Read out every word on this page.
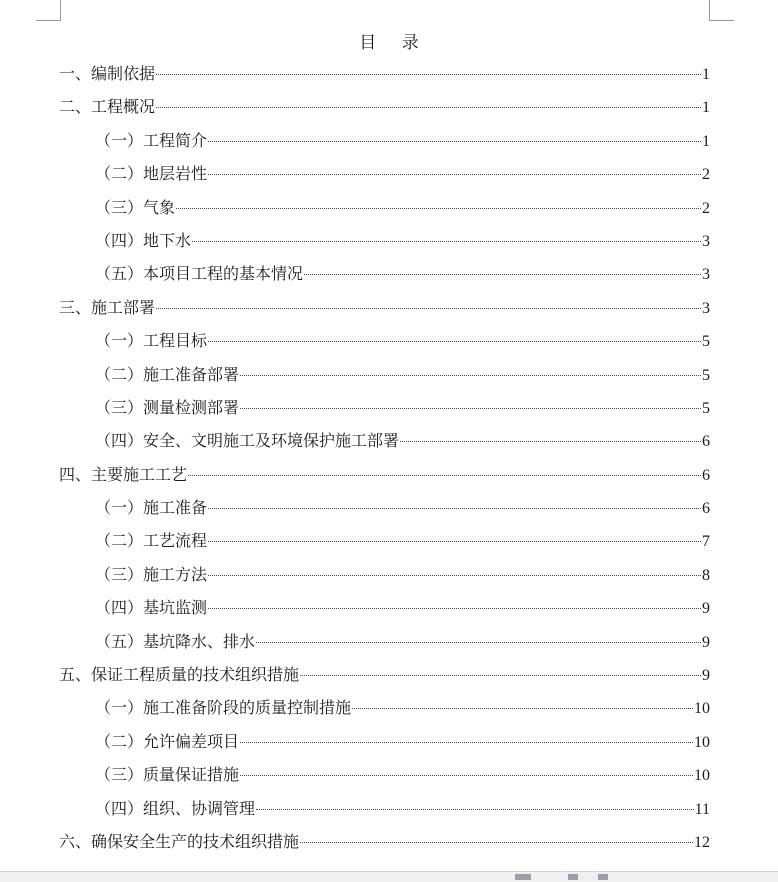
目 录
一、编制依据	1
二、工程概况	1
（一）工程简介	1
（二）地层岩性	2
（三）气象	2
（四）地下水	3
（五）本项目工程的基本情况	3
三、施工部署	3
（一）工程目标	5
（二）施工准备部署	5
（三）测量检测部署	5
（四）安全、文明施工及环境保护施工部署	6
四、主要施工工艺	6
（一）施工准备	6
（二）工艺流程	7
（三）施工方法	8
（四）基坑监测	9
（五）基坑降水、排水	9
五、保证工程质量的技术组织措施	9
（一）施工准备阶段的质量控制措施	10
（二）允许偏差项目	10
（三）质量保证措施	10
（四）组织、协调管理	11
六、确保安全生产的技术组织措施	12
